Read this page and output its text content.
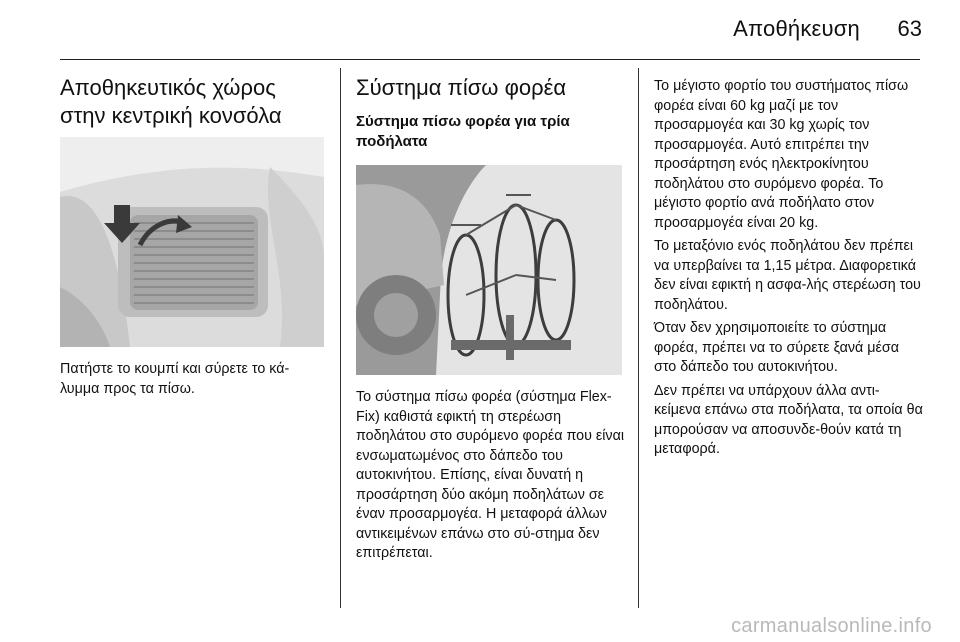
Αποθήκευση 63
Αποθηκευτικός χώρος
στην κεντρική κονσόλα

Πατήστε το κουμπί και σύρετε το κά-λυμμα προς τα πίσω.

Σύστημα πίσω φορέα
Σύστημα πίσω φορέα για τρία ποδήλατα

Το σύστημα πίσω φορέα (σύστημα Flex-Fix) καθιστά εφικτή τη στερέωση ποδηλάτου στο συρόμενο φορέα που είναι ενσωματωμένος στο δάπεδο του αυτοκινήτου. Επίσης, είναι δυνατή η προσάρτηση δύο ακόμη ποδηλάτων σε έναν προσαρμογέα. Η μεταφορά άλλων αντικειμένων επάνω στο σύ-στημα δεν επιτρέπεται.

Το μέγιστο φορτίο του συστήματος πίσω φορέα είναι 60 kg μαζί με τον προσαρμογέα και 30 kg χωρίς τον προσαρμογέα. Αυτό επιτρέπει την προσάρτηση ενός ηλεκτροκίνητου ποδηλάτου στο συρόμενο φορέα. Το μέγιστο φορτίο ανά ποδήλατο στον προσαρμογέα είναι 20 kg.

Το μεταξόνιο ενός ποδηλάτου δεν πρέπει να υπερβαίνει τα 1,15 μέτρα. Διαφορετικά δεν είναι εφικτή η ασφα-λής στερέωση του ποδηλάτου.

Όταν δεν χρησιμοποιείτε το σύστημα φορέα, πρέπει να το σύρετε ξανά μέσα στο δάπεδο του αυτοκινήτου.

Δεν πρέπει να υπάρχουν άλλα αντι-κείμενα επάνω στα ποδήλατα, τα οποία θα μπορούσαν να αποσυνδε-θούν κατά τη μεταφορά.

carmanualsonline.info
